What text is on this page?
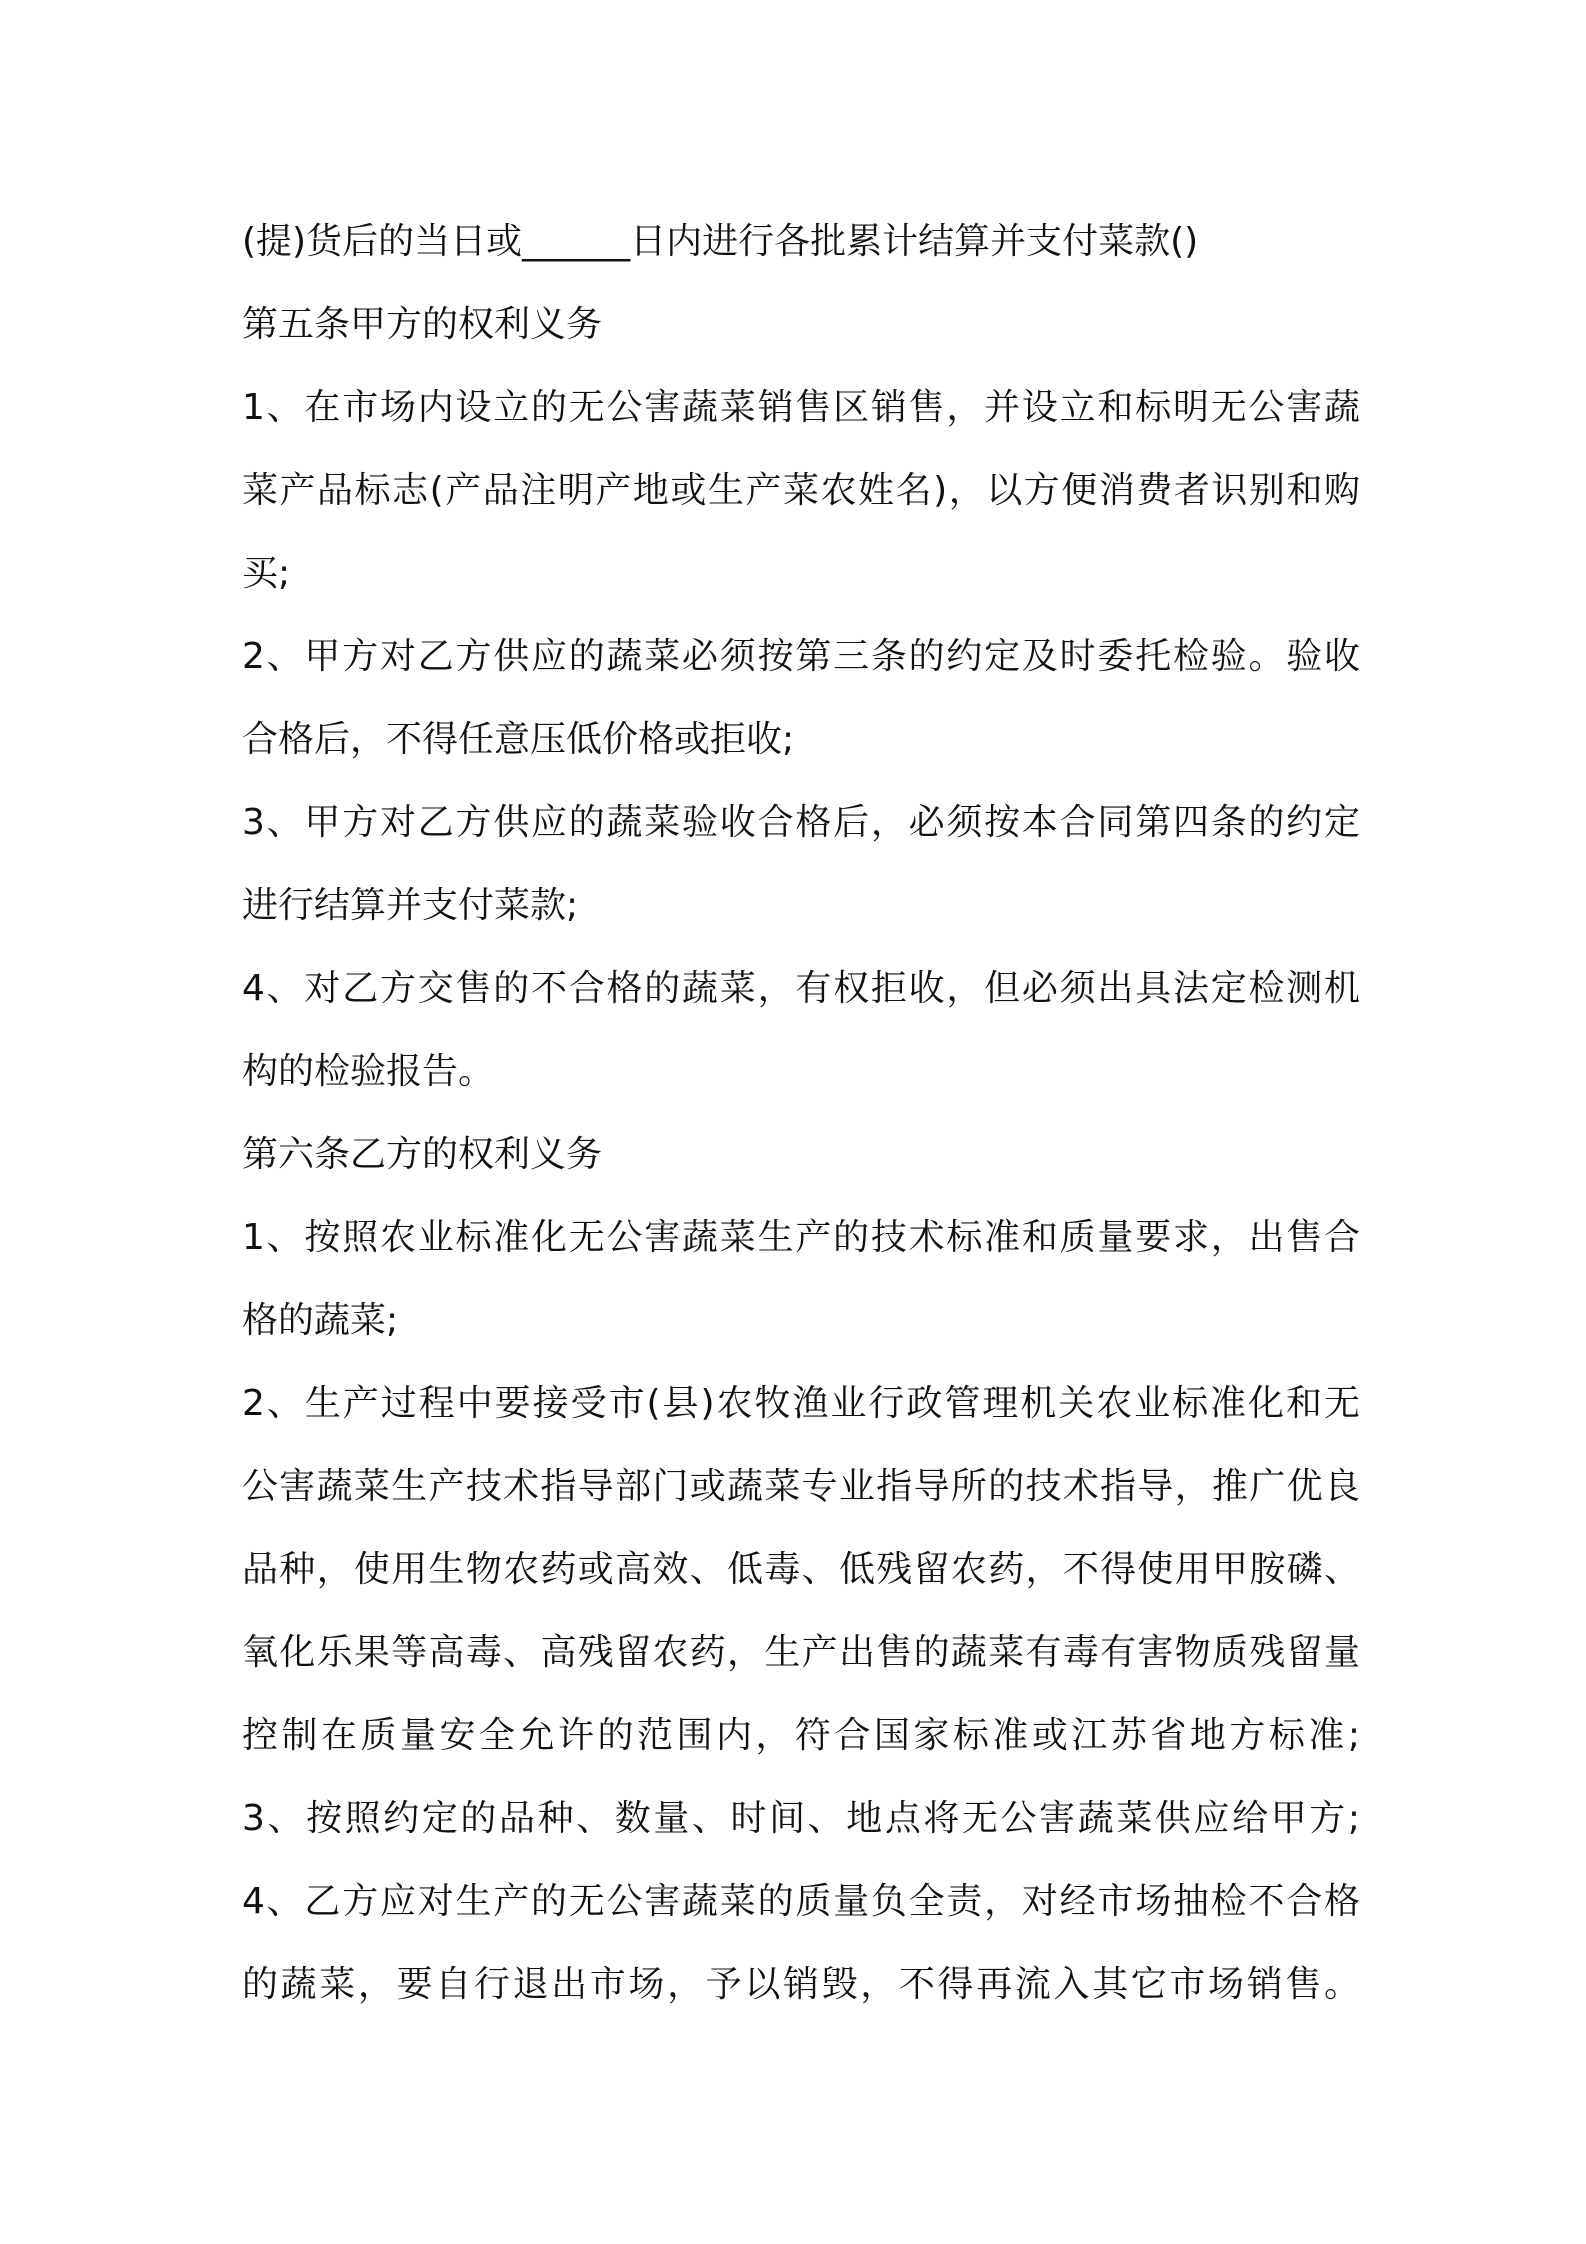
(提)货后的当日或______日内进行各批累计结算并支付菜款()
第五条甲方的权利义务
1、在市场内设立的无公害蔬菜销售区销售，并设立和标明无公害蔬
菜产品标志(产品注明产地或生产菜农姓名)，以方便消费者识别和购
买;
2、甲方对乙方供应的蔬菜必须按第三条的约定及时委托检验。验收
合格后，不得任意压低价格或拒收;
3、甲方对乙方供应的蔬菜验收合格后，必须按本合同第四条的约定
进行结算并支付菜款;
4、对乙方交售的不合格的蔬菜，有权拒收，但必须出具法定检测机
构的检验报告。
第六条乙方的权利义务
1、按照农业标准化无公害蔬菜生产的技术标准和质量要求，出售合
格的蔬菜;
2、生产过程中要接受市(县)农牧渔业行政管理机关农业标准化和无
公害蔬菜生产技术指导部门或蔬菜专业指导所的技术指导，推广优良
品种，使用生物农药或高效、低毒、低残留农药，不得使用甲胺磷、
氧化乐果等高毒、高残留农药，生产出售的蔬菜有毒有害物质残留量
控制在质量安全允许的范围内，符合国家标准或江苏省地方标准;
3、按照约定的品种、数量、时间、地点将无公害蔬菜供应给甲方;
4、乙方应对生产的无公害蔬菜的质量负全责，对经市场抽检不合格
的蔬菜，要自行退出市场，予以销毁，不得再流入其它市场销售。
